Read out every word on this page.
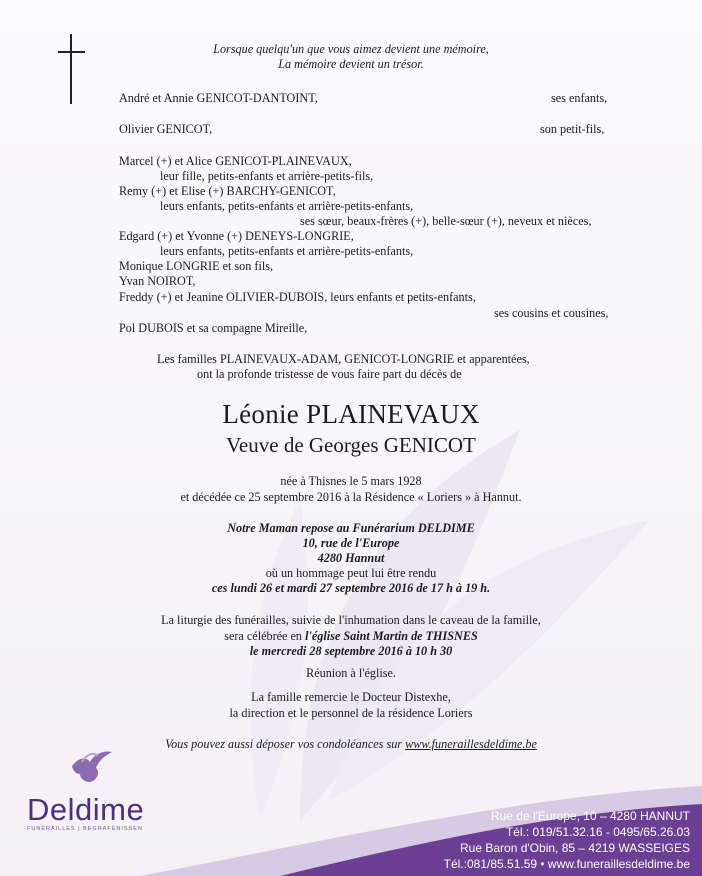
Lorsque quelqu'un que vous aimez devient une mémoire,
La mémoire devient un trésor.
André et Annie GENICOT-DANTOINT,	ses enfants,
Olivier GENICOT,	son petit-fils,
Marcel (+) et Alice GENICOT-PLAINEVAUX,
leur fille, petits-enfants et arrière-petits-fils,
Remy (+) et Elise (+) BARCHY-GENICOT,
leurs enfants, petits-enfants et arrière-petits-enfants,
ses sœur, beaux-frères (+), belle-sœur (+), neveux et nièces,
Edgard (+) et Yvonne (+) DENEYS-LONGRIE,
leurs enfants, petits-enfants et arrière-petits-enfants,
Monique LONGRIE et son fils,
Yvan NOIROT,
Freddy (+) et Jeanine OLIVIER-DUBOIS, leurs enfants et petits-enfants,
ses cousins et cousines,
Pol DUBOIS et sa compagne Mireille,
Les familles PLAINEVAUX-ADAM, GENICOT-LONGRIE et apparentées,
ont la profonde tristesse de vous faire part du décès de
Léonie PLAINEVAUX
Veuve de Georges GENICOT
née à Thisnes le 5 mars 1928
et décédée ce 25 septembre 2016 à la Résidence « Loriers » à Hannut.
Notre Maman repose au Funérarium DELDIME
10, rue de l'Europe
4280 Hannut
où un hommage peut lui être rendu
ces lundi 26 et mardi 27 septembre 2016 de 17 h à 19 h.
La liturgie des funérailles, suivie de l'inhumation dans le caveau de la famille,
sera célébrée en l'église Saint Martin de THISNES
le mercredi 28 septembre 2016 à 10 h 30
Réunion à l'église.
La famille remercie le Docteur Distexhe,
la direction et le personnel de la résidence Loriers
Vous pouvez aussi déposer vos condoléances sur www.funeraillesdeldime.be
Deldime
FUNÉRAILLES | BEGRAFENISSEN
Rue de l'Europe, 10 – 4280 HANNUT
Tél.: 019/51.32.16 - 0495/65.26.03
Rue Baron d'Obin, 85 – 4219 WASSEIGES
Tél.:081/85.51.59 • www.funeraillesdeldime.be
